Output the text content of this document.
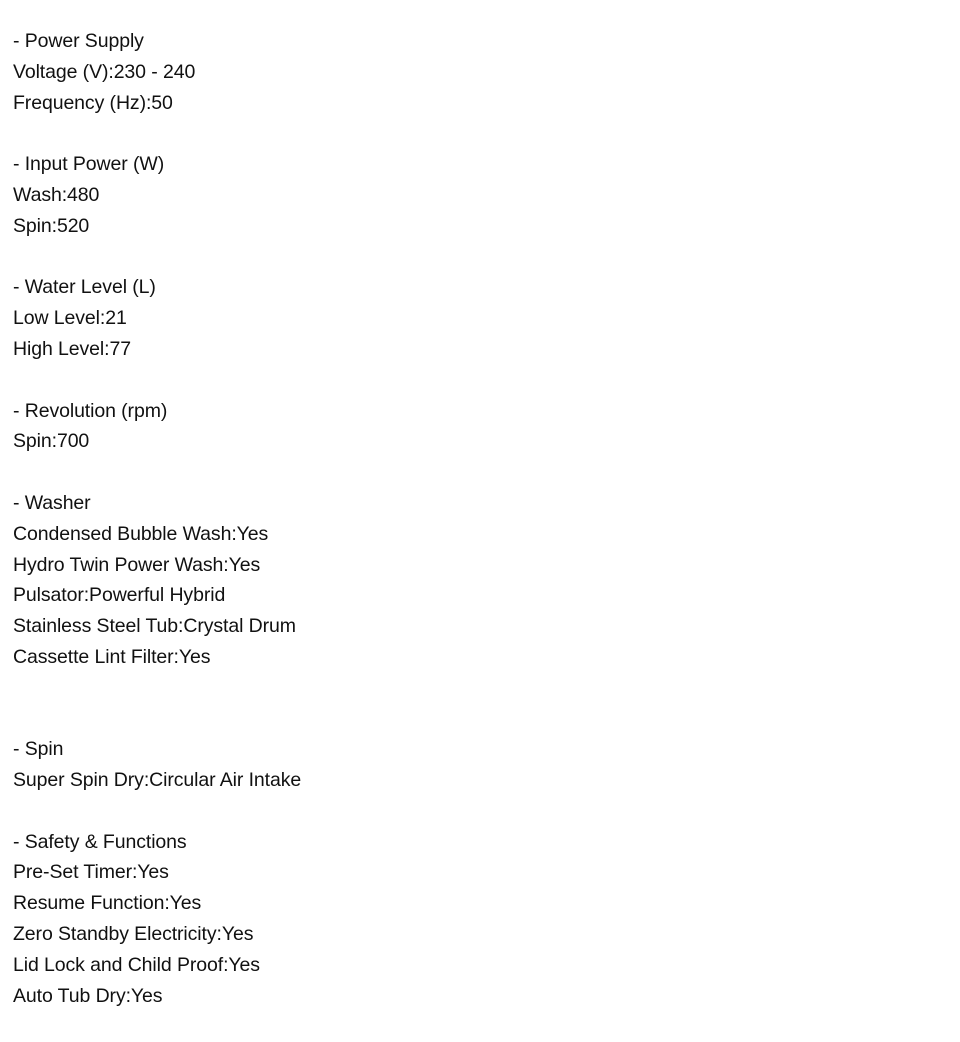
- Power Supply
Voltage (V):230 - 240
Frequency (Hz):50
- Input Power (W)
Wash:480
Spin:520
- Water Level (L)
Low Level:21
High Level:77
- Revolution (rpm)
Spin:700
- Washer
Condensed Bubble Wash:Yes
Hydro Twin Power Wash:Yes
Pulsator:Powerful Hybrid
Stainless Steel Tub:Crystal Drum
Cassette Lint Filter:Yes
- Spin
Super Spin Dry:Circular Air Intake
- Safety & Functions
Pre-Set Timer:Yes
Resume Function:Yes
Zero Standby Electricity:Yes
Lid Lock and Child Proof:Yes
Auto Tub Dry:Yes
